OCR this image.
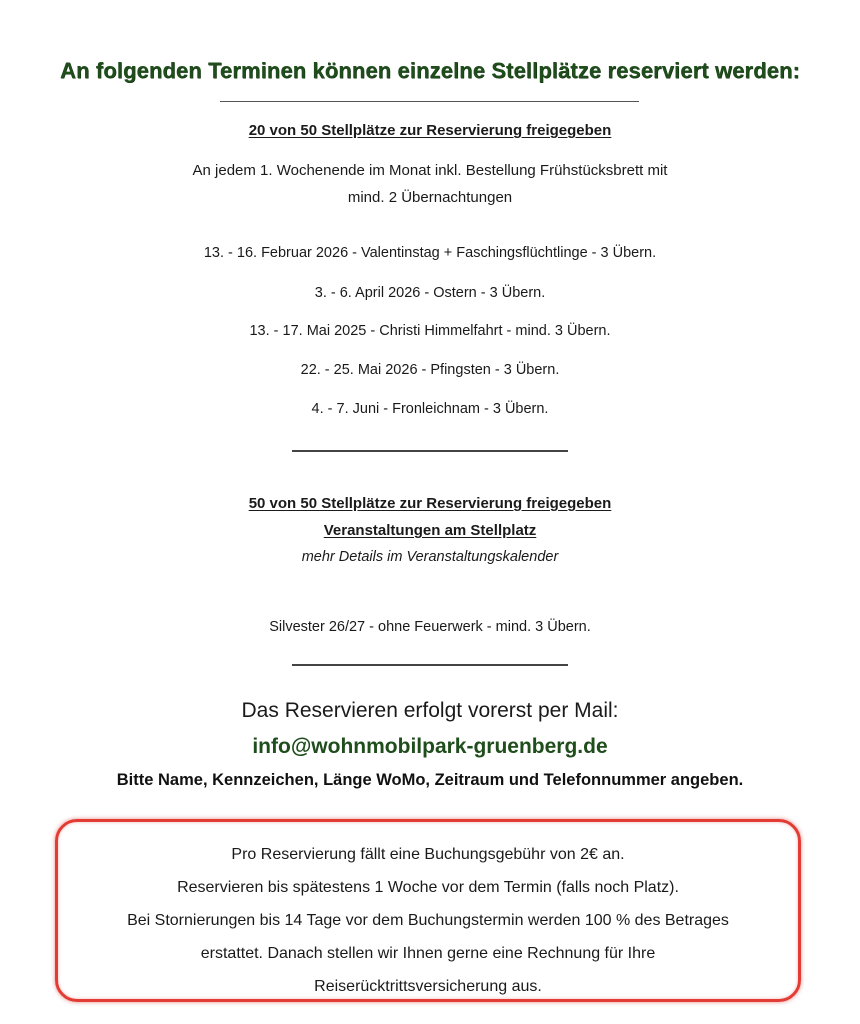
An folgenden Terminen können einzelne Stellplätze reserviert werden:
20 von 50 Stellplätze zur Reservierung freigegeben
An jedem 1. Wochenende im Monat inkl. Bestellung Frühstücksbrett mit
mind. 2 Übernachtungen
13. - 16. Februar 2026 - Valentinstag + Faschingsflüchtlinge - 3 Übern.
3. - 6. April 2026 - Ostern - 3 Übern.
13. - 17. Mai 2025 - Christi Himmelfahrt - mind. 3 Übern.
22. - 25. Mai 2026 - Pfingsten - 3 Übern.
4. - 7. Juni - Fronleichnam - 3 Übern.
50 von 50 Stellplätze zur Reservierung freigegeben
Veranstaltungen am Stellplatz
mehr Details im Veranstaltungskalender
Silvester 26/27 - ohne Feuerwerk - mind. 3 Übern.
Das Reservieren erfolgt vorerst per Mail:
info@wohnmobilpark-gruenberg.de
Bitte Name, Kennzeichen, Länge WoMo, Zeitraum und Telefonnummer angeben.
Pro Reservierung fällt eine Buchungsgebühr von 2€ an.
Reservieren bis spätestens 1 Woche vor dem Termin (falls noch Platz).
Bei Stornierungen bis 14 Tage vor dem Buchungstermin werden 100 % des Betrages
erstattet. Danach stellen wir Ihnen gerne eine Rechnung für Ihre
Reiserücktrittsversicherung aus.
